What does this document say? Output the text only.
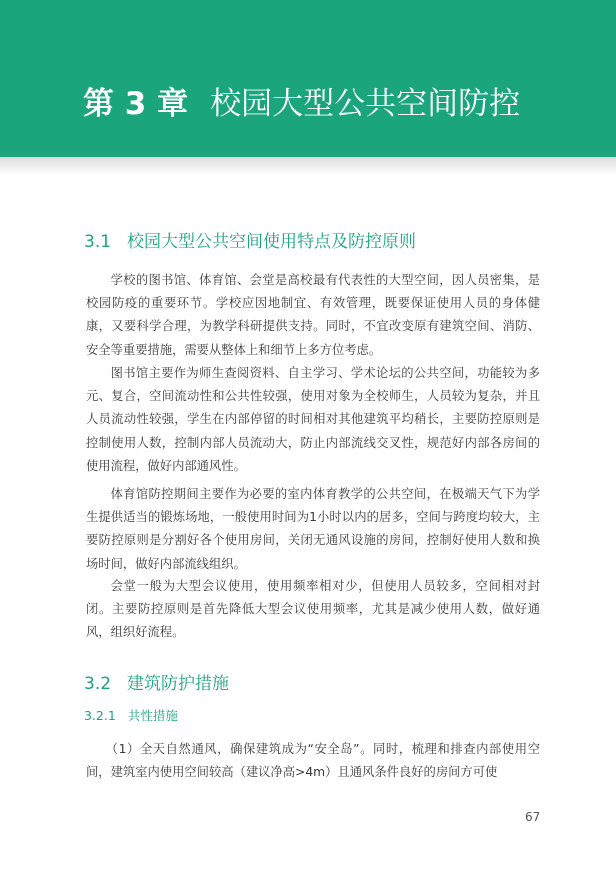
第 3 章 校园大型公共空间防控
3.1 校园大型公共空间使用特点及防控原则

学校的图书馆、体育馆、会堂是高校最有代表性的大型空间，因人员密集，是校园防疫的重要环节。学校应因地制宜、有效管理，既要保证使用人员的身体健康，又要科学合理，为教学科研提供支持。同时，不宜改变原有建筑空间、消防、安全等重要措施，需要从整体上和细节上多方位考虑。

图书馆主要作为师生查阅资料、自主学习、学术论坛的公共空间，功能较为多元、复合，空间流动性和公共性较强，使用对象为全校师生，人员较为复杂，并且人员流动性较强，学生在内部停留的时间相对其他建筑平均稍长，主要防控原则是控制使用人数，控制内部人员流动大，防止内部流线交叉性，规范好内部各房间的使用流程，做好内部通风性。

体育馆防控期间主要作为必要的室内体育教学的公共空间，在极端天气下为学生提供适当的锻炼场地，一般使用时间为1小时以内的居多，空间与跨度均较大，主要防控原则是分割好各个使用房间，关闭无通风设施的房间，控制好使用人数和换场时间，做好内部流线组织。

会堂一般为大型会议使用，使用频率相对少，但使用人员较多，空间相对封闭。主要防控原则是首先降低大型会议使用频率，尤其是减少使用人数，做好通风，组织好流程。

3.2 建筑防护措施
3.2.1 共性措施

（1）全天自然通风，确保建筑成为“安全岛”。同时，梳理和排查内部使用空间，建筑室内使用空间较高（建议净高>4m）且通风条件良好的房间方可使

67
